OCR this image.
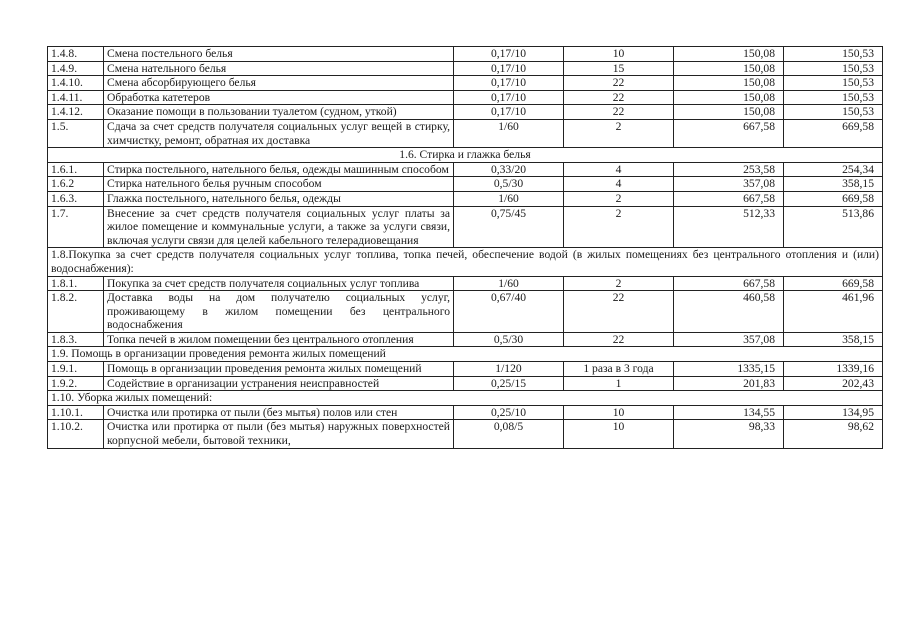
1.4.8.	Смена постельного белья	0,17/10	10	150,08	150,53
1.4.9.	Смена нательного белья	0,17/10	15	150,08	150,53
1.4.10.	Смена абсорбирующего белья	0,17/10	22	150,08	150,53
1.4.11.	Обработка катетеров	0,17/10	22	150,08	150,53
1.4.12.	Оказание помощи в пользовании туалетом (судном, уткой)	0,17/10	22	150,08	150,53
1.5.	Сдача за счет средств получателя социальных услуг вещей в стирку, химчистку, ремонт, обратная их доставка	1/60	2	667,58	669,58
1.6. Стирка и глажка белья					
1.6.1.	Стирка постельного, нательного белья, одежды машинным способом	0,33/20	4	253,58	254,34
1.6.2	Стирка нательного белья ручным способом	0,5/30	4	357,08	358,15
1.6.3.	Глажка постельного, нательного белья, одежды	1/60	2	667,58	669,58
1.7.	Внесение за счет средств получателя социальных услуг платы за жилое помещение и коммунальные услуги, а также за услуги связи, включая услуги связи для целей кабельного телерадиовещания	0,75/45	2	512,33	513,86
1.8.Покупка за счет средств получателя социальных услуг топлива, топка печей, обеспечение водой (в жилых помещениях без центрального отопления и (или) водоснабжения):					
1.8.1.	Покупка за счет средств получателя социальных услуг топлива	1/60	2	667,58	669,58
1.8.2.	Доставка воды на дом получателю социальных услуг, проживающему в жилом помещении без центрального водоснабжения	0,67/40	22	460,58	461,96
1.8.3.	Топка печей в жилом помещении без центрального отопления	0,5/30	22	357,08	358,15
1.9. Помощь в организации проведения ремонта жилых помещений					
1.9.1.	Помощь в организации проведения ремонта жилых помещений	1/120	1 раза в 3 года	1335,15	1339,16
1.9.2.	Содействие в организации устранения неисправностей	0,25/15	1	201,83	202,43
1.10. Уборка жилых помещений:					
1.10.1.	Очистка или протирка от пыли (без мытья) полов или стен	0,25/10	10	134,55	134,95
1.10.2.	Очистка или протирка от пыли (без мытья) наружных поверхностей корпусной мебели, бытовой техники,	0,08/5	10	98,33	98,62
